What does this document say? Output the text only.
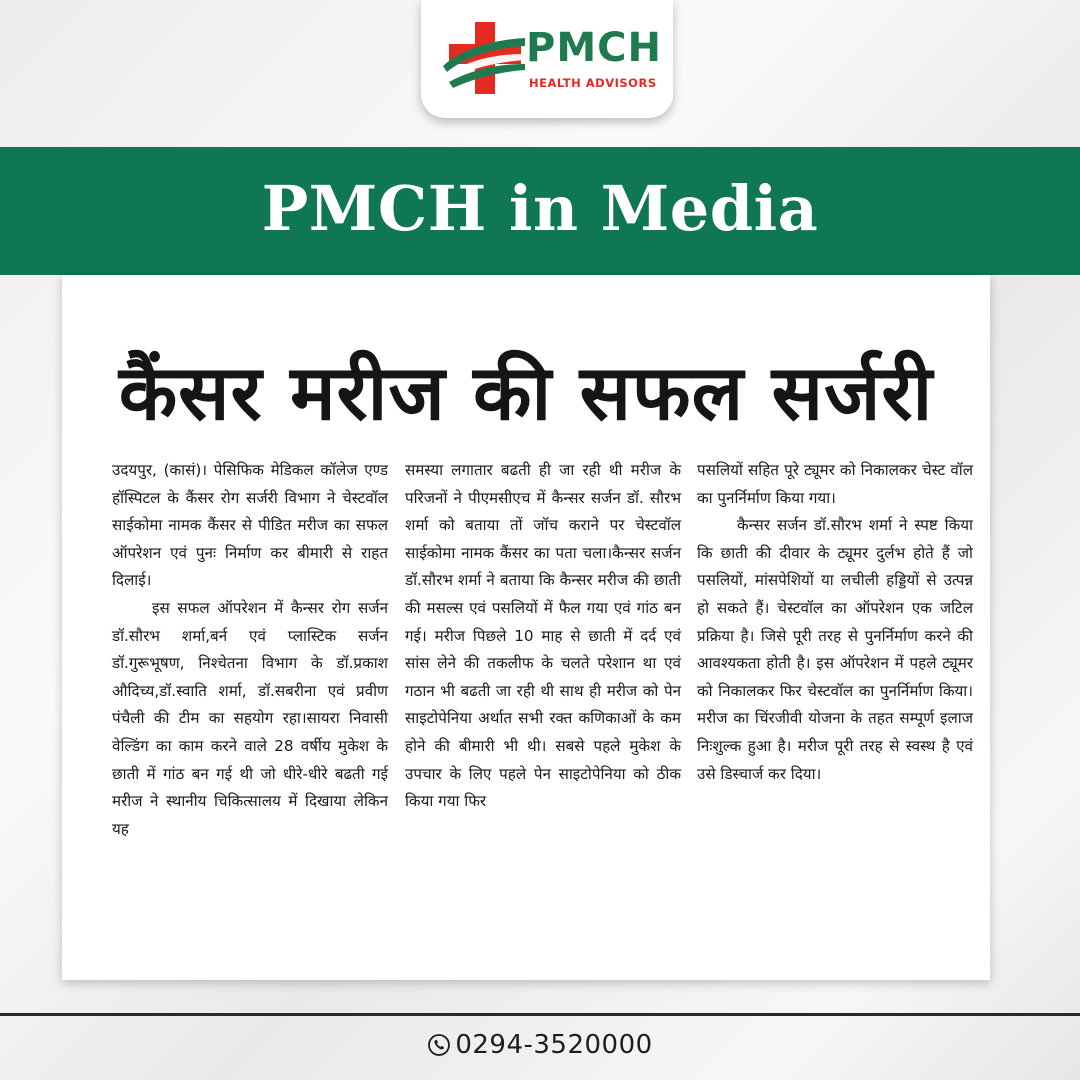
PMCH
HEALTH ADVISORS
PMCH in Media
कैंसर मरीज की सफल सर्जरी

उदयपुर, (कासं)। पेसिफिक मेडिकल कॉलेज एण्ड हॉस्पिटल के कैंसर रोग सर्जरी विभाग ने चेस्टवॉल साईकोमा नामक कैंसर से पीडित मरीज का सफल ऑपरेशन एवं पुनः निर्माण कर बीमारी से राहत दिलाई।

इस सफल ऑपरेशन में कैन्सर रोग सर्जन डॉ.सौरभ शर्मा,बर्न एवं प्लास्टिक सर्जन डॉ.गुरूभूषण, निश्चेतना विभाग के डॉ.प्रकाश औदिच्य,डॉ.स्वाति शर्मा, डॉ.सबरीना एवं प्रवीण पंचैली की टीम का सहयोग रहा।सायरा निवासी वेल्डिंग का काम करने वाले 28 वर्षीय मुकेश के छाती में गांठ बन गई थी जो धीरे-धीरे बढती गई मरीज ने स्थानीय चिकित्सालय में दिखाया लेकिन यह

समस्या लगातार बढती ही जा रही थी मरीज के परिजनों ने पीएमसीएच में कैन्सर सर्जन डॉ. सौरभ शर्मा को बताया तों जॉच कराने पर चेस्टवॉल साईकोमा नामक कैंसर का पता चला।कैन्सर सर्जन डॉ.सौरभ शर्मा ने बताया कि कैन्सर मरीज की छाती की मसल्स एवं पसलियों में फैल गया एवं गांठ बन गई। मरीज पिछले 10 माह से छाती में दर्द एवं सांस लेने की तकलीफ के चलते परेशान था एवं गठान भी बढती जा रही थी साथ ही मरीज को पेन साइटोपेनिया अर्थात सभी रक्त कणिकाओं के कम होने की बीमारी भी थी। सबसे पहले मुकेश के उपचार के लिए पहले पेन साइटोपेनिया को ठीक किया गया फिर

पसलियों सहित पूरे ट्यूमर को निकालकर चेस्ट वॉल का पुनर्निर्माण किया गया।

कैन्सर सर्जन डॉ.सौरभ शर्मा ने स्पष्ट किया कि छाती की दीवार के ट्यूमर दुर्लभ होते हैं जो पसलियों, मांसपेशियों या लचीली हड्डियों से उत्पन्न हो सकते हैं। चेस्टवॉल का ऑपरेशन एक जटिल प्रक्रिया है। जिसे पूरी तरह से पुनर्निर्माण करने की आवश्यकता होती है। इस ऑपरेशन में पहले ट्यूमर को निकालकर फिर चेस्टवॉल का पुनर्निर्माण किया। मरीज का चिंरजीवी योजना के तहत सम्पूर्ण इलाज निःशुल्क हुआ है। मरीज पूरी तरह से स्वस्थ है एवं उसे डिस्चार्ज कर दिया।

0294-3520000
